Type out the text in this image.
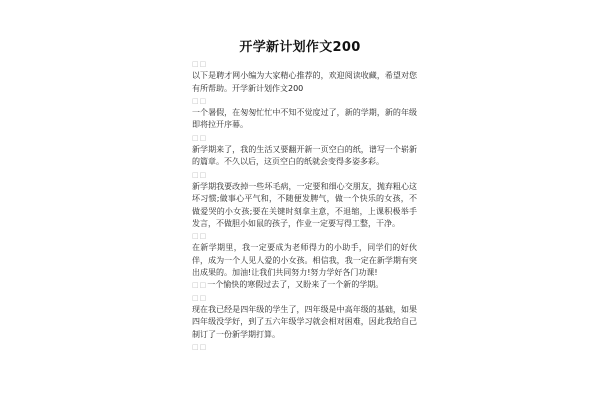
开学新计划作文200
□□

以下是聘才网小编为大家精心推荐的，欢迎阅读收藏，希望对您有所帮助。开学新计划作文200

□□

一个暑假，在匆匆忙忙中不知不觉度过了，新的学期，新的年级即将拉开序幕。

□□

新学期来了，我的生活又要翻开新一页空白的纸，谱写一个崭新的篇章。不久以后，这页空白的纸就会变得多姿多彩。

□□

新学期我要改掉一些坏毛病，一定要和细心交朋友，抛弃粗心这坏习惯;做事心平气和，不随便发脾气，做一个快乐的女孩，不做爱哭的小女孩;要在关键时刻拿主意，不退缩，上课积极举手发言，不做胆小如鼠的孩子，作业一定要写得工整，干净。

□□

在新学期里，我一定要成为老师得力的小助手，同学们的好伙伴，成为一个人见人爱的小女孩。相信我，我一定在新学期有突出成果的。加油!让我们共同努力!努力学好各门功课!

□□一个愉快的寒假过去了，又盼来了一个新的学期。

□□

现在我已经是四年级的学生了，四年级是中高年级的基础，如果四年级没学好，到了五六年级学习就会相对困难，因此我给自己制订了一份新学期打算。

□□
